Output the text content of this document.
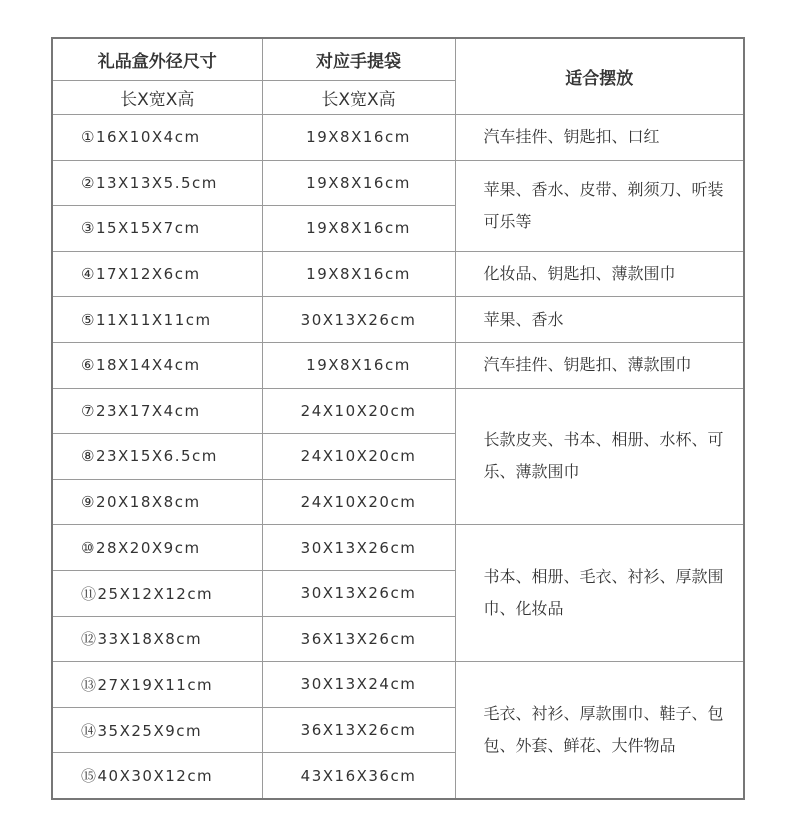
礼品盒外径尺寸	对应手提袋	适合摆放
长X宽X高	长X宽X高	
①16X10X4cm	19X8X16cm	汽车挂件、钥匙扣、口红
②13X13X5.5cm	19X8X16cm	苹果、香水、皮带、剃须刀、听装可乐等
③15X15X7cm	19X8X16cm	
④17X12X6cm	19X8X16cm	化妆品、钥匙扣、薄款围巾
⑤11X11X11cm	30X13X26cm	苹果、香水
⑥18X14X4cm	19X8X16cm	汽车挂件、钥匙扣、薄款围巾
⑦23X17X4cm	24X10X20cm	长款皮夹、书本、相册、水杯、可乐、薄款围巾
⑧23X15X6.5cm	24X10X20cm	
⑨20X18X8cm	24X10X20cm	
⑩28X20X9cm	30X13X26cm	书本、相册、毛衣、衬衫、厚款围巾、化妆品
⑪25X12X12cm	30X13X26cm	
⑫33X18X8cm	36X13X26cm	
⑬27X19X11cm	30X13X24cm	毛衣、衬衫、厚款围巾、鞋子、包包、外套、鲜花、大件物品
⑭35X25X9cm	36X13X26cm	
⑮40X30X12cm	43X16X36cm	
